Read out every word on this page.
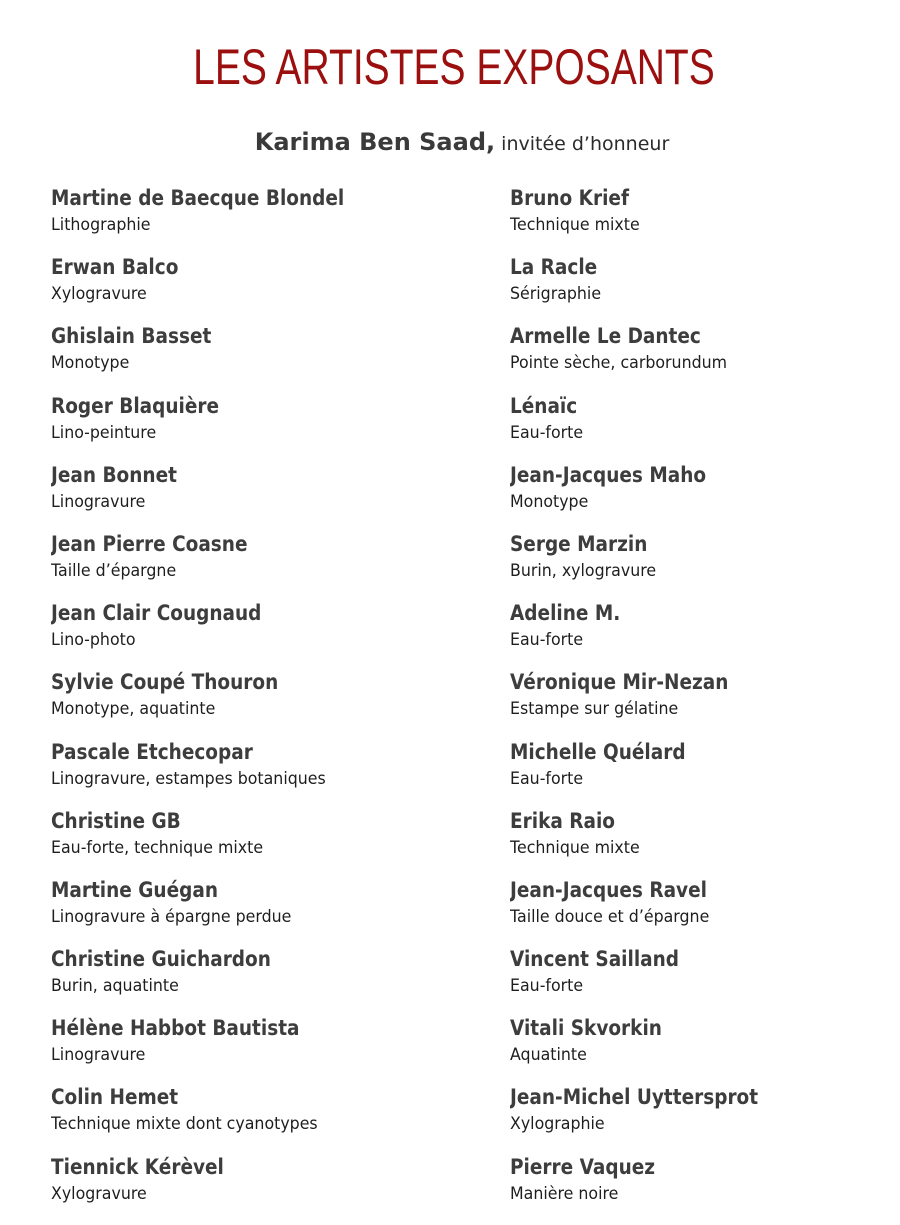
LES ARTISTES EXPOSANTS
Karima Ben Saad, invitée d’honneur
Martine de Baecque Blondel
Lithographie
Erwan Balco
Xylogravure
Ghislain Basset
Monotype
Roger Blaquière
Lino-peinture
Jean Bonnet
Linogravure
Jean Pierre Coasne
Taille d’épargne
Jean Clair Cougnaud
Lino-photo
Sylvie Coupé Thouron
Monotype, aquatinte
Pascale Etchecopar
Linogravure, estampes botaniques
Christine GB
Eau-forte, technique mixte
Martine Guégan
Linogravure à épargne perdue
Christine Guichardon
Burin, aquatinte
Hélène Habbot Bautista
Linogravure
Colin Hemet
Technique mixte dont cyanotypes
Tiennick Kérèvel
Xylogravure
Bruno Krief
Technique mixte
La Racle
Sérigraphie
Armelle Le Dantec
Pointe sèche, carborundum
Lénaïc
Eau-forte
Jean-Jacques Maho
Monotype
Serge Marzin
Burin, xylogravure
Adeline M.
Eau-forte
Véronique Mir-Nezan
Estampe sur gélatine
Michelle Quélard
Eau-forte
Erika Raio
Technique mixte
Jean-Jacques Ravel
Taille douce et d’épargne
Vincent Sailland
Eau-forte
Vitali Skvorkin
Aquatinte
Jean-Michel Uyttersprot
Xylographie
Pierre Vaquez
Manière noire
